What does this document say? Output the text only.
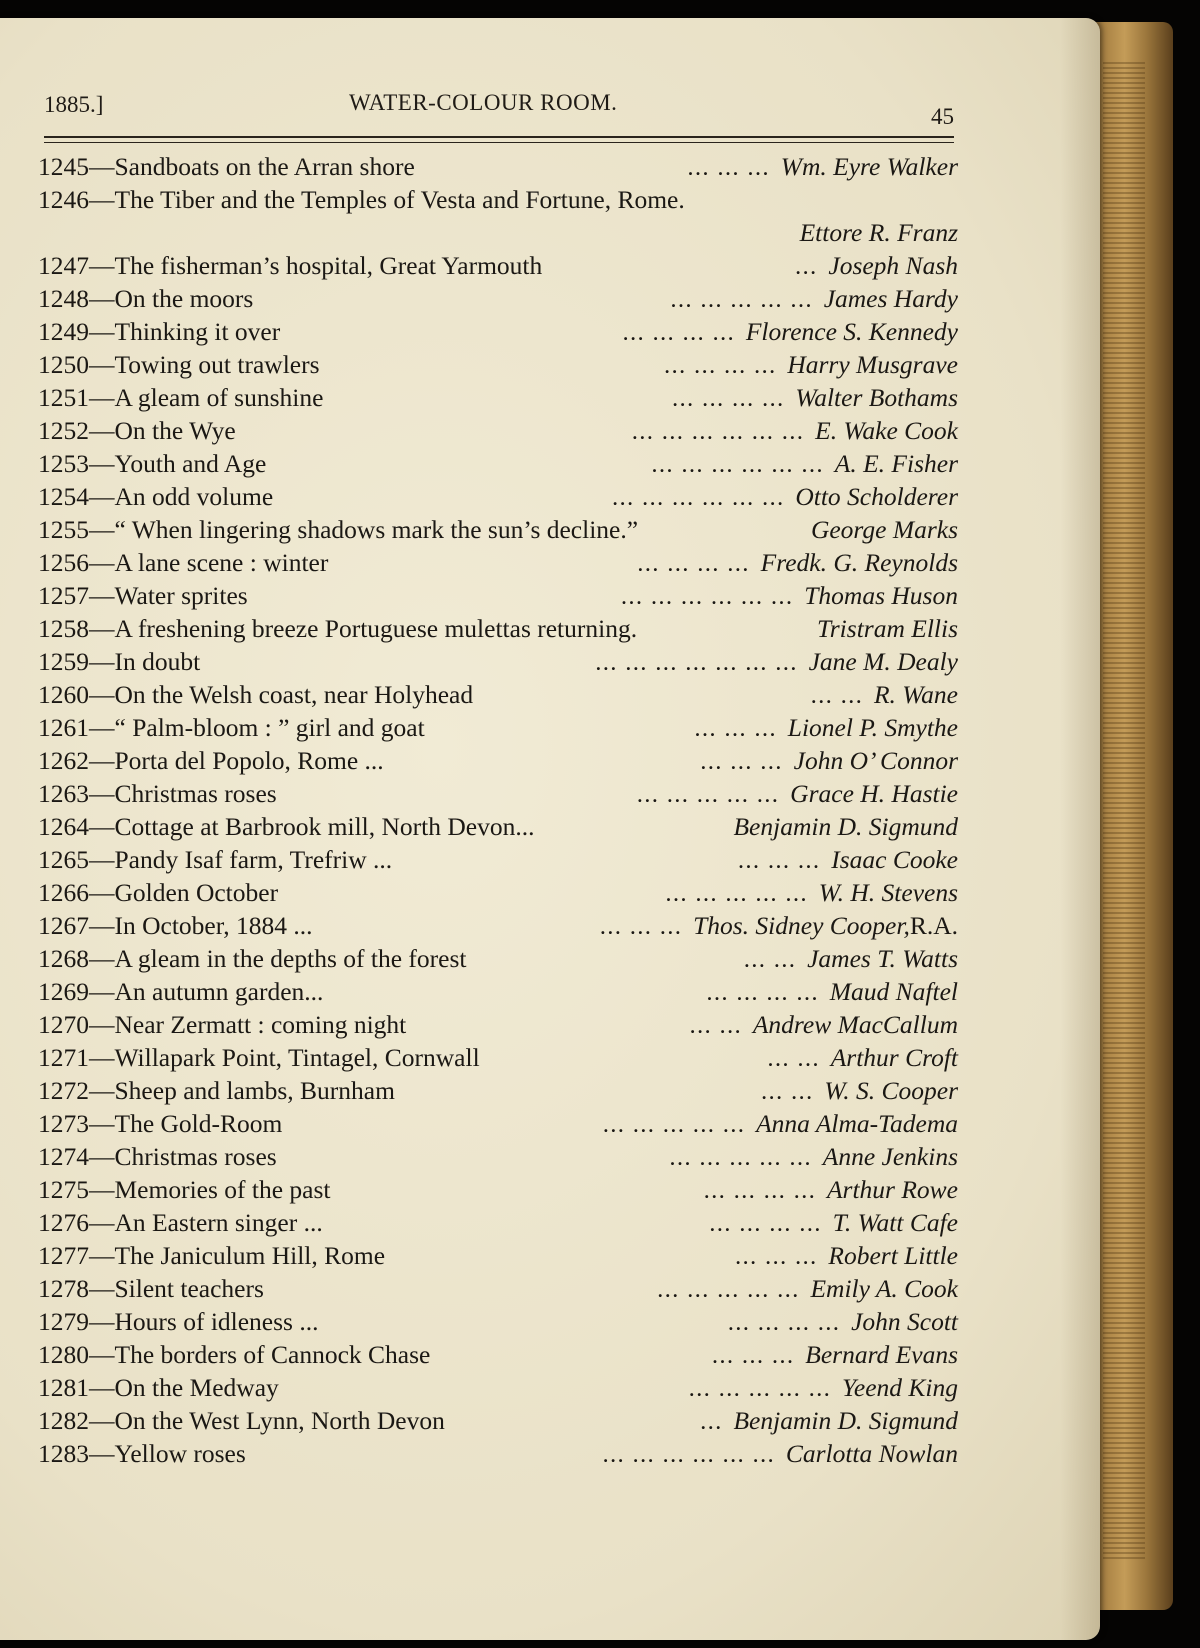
1885.]	WATER-COLOUR ROOM.
45
1245 — Sandboats on the Arran shore	... ... ... Wm. Eyre Walker
1246 — The Tiber and the Temples of Vesta and Fortune, Rome.
Ettore R. Franz
1247 — The fisherman’s hospital, Great Yarmouth	... Joseph Nash
1248 — On the moors	... ... ... ... ... James Hardy
1249 — Thinking it over	... ... ... ... Florence S. Kennedy
1250 — Towing out trawlers	... ... ... ... Harry Musgrave
1251 — A gleam of sunshine	... ... ... ... Walter Bothams
1252 — On the Wye	... ... ... ... ... ... E. Wake Cook
1253 — Youth and Age	... ... ... ... ... ... A. E. Fisher
1254 — An odd volume	... ... ... ... ... ... Otto Scholderer
1255 — “ When lingering shadows mark the sun’s decline.”	George Marks
1256 — A lane scene : winter	... ... ... ... Fredk. G. Reynolds
1257 — Water sprites	... ... ... ... ... ... Thomas Huson
1258 — A freshening breeze Portuguese mulettas returning.	Tristram Ellis
1259 — In doubt	... ... ... ... ... ... ... Jane M. Dealy
1260 — On the Welsh coast, near Holyhead	... ... R. Wane
1261 — “ Palm-bloom : ” girl and goat	... ... ... Lionel P. Smythe
1262 — Porta del Popolo, Rome ...	... ... ... John O’ Connor
1263 — Christmas roses	... ... ... ... ... Grace H. Hastie
1264 — Cottage at Barbrook mill, North Devon...	Benjamin D. Sigmund
1265 — Pandy Isaf farm, Trefriw ...	... ... ... Isaac Cooke
1266 — Golden October	... ... ... ... ... W. H. Stevens
1267 — In October, 1884 ...	... ... ... Thos. Sidney Cooper, R.A.
1268 — A gleam in the depths of the forest	... ... James T. Watts
1269 — An autumn garden...	... ... ... ... Maud Naftel
1270 — Near Zermatt : coming night	... ... Andrew MacCallum
1271 — Willapark Point, Tintagel, Cornwall	... ... Arthur Croft
1272 — Sheep and lambs, Burnham	... ... W. S. Cooper
1273 — The Gold-Room	... ... ... ... ... Anna Alma-Tadema
1274 — Christmas roses	... ... ... ... ... Anne Jenkins
1275 — Memories of the past	... ... ... ... Arthur Rowe
1276 — An Eastern singer ...	... ... ... ... T. Watt Cafe
1277 — The Janiculum Hill, Rome	... ... ... Robert Little
1278 — Silent teachers	... ... ... ... ... Emily A. Cook
1279 — Hours of idleness ...	... ... ... ... John Scott
1280 — The borders of Cannock Chase	... ... ... Bernard Evans
1281 — On the Medway	... ... ... ... ... Yeend King
1282 — On the West Lynn, North Devon	... Benjamin D. Sigmund
1283 — Yellow roses	... ... ... ... ... ... Carlotta Nowlan
